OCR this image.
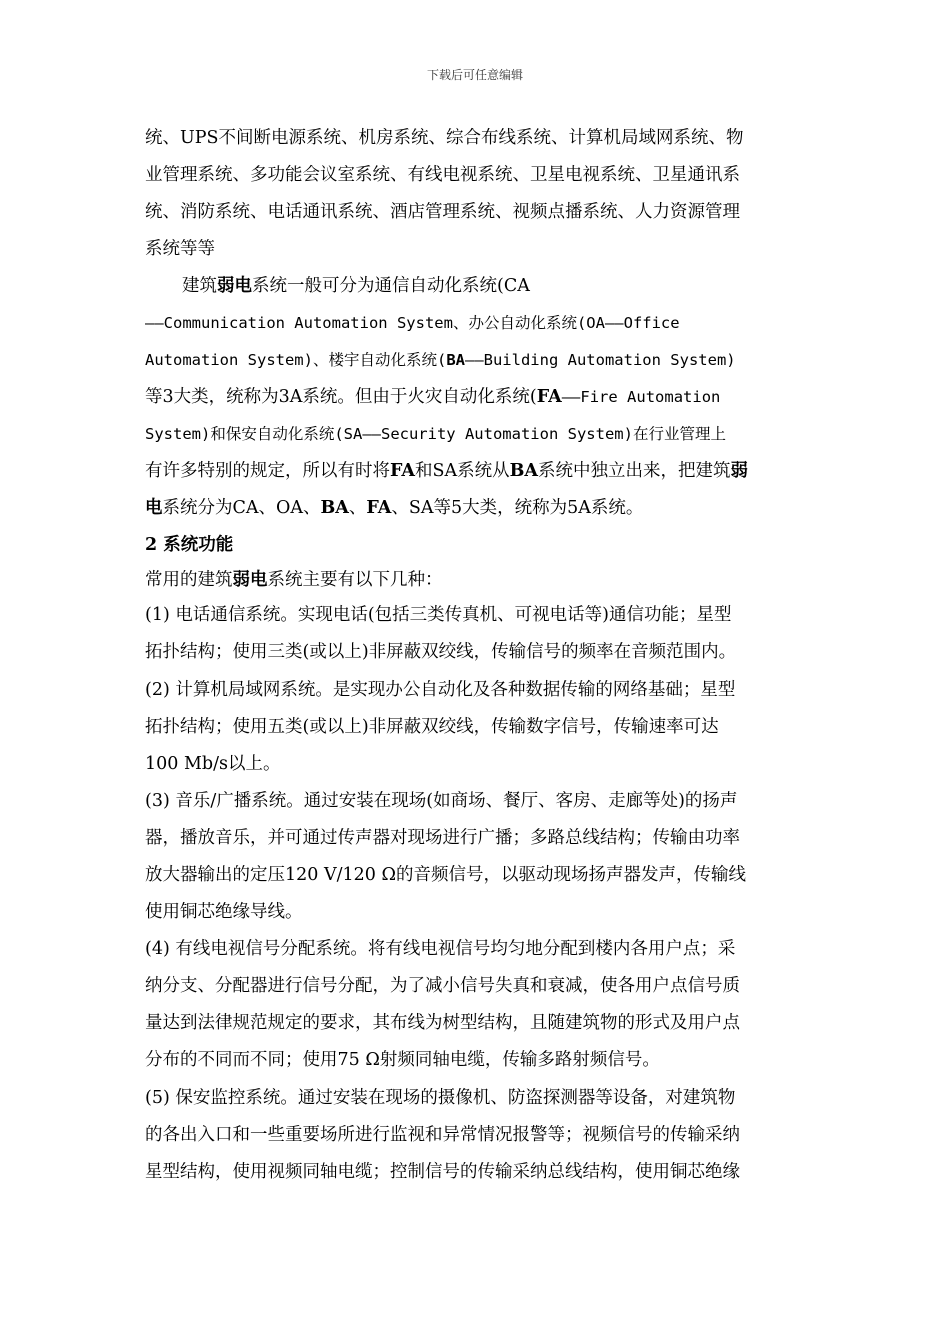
下载后可任意编辑
统、UPS不间断电源系统、机房系统、综合布线系统、计算机局域网系统、物
业管理系统、多功能会议室系统、有线电视系统、卫星电视系统、卫星通讯系
统、消防系统、电话通讯系统、酒店管理系统、视频点播系统、人力资源管理
系统等等
建筑弱电系统一般可分为通信自动化系统(CA
——Communication Automation System、办公自动化系统(OA——Office
Automation System)、楼宇自动化系统(BA——Building Automation System)
等3大类，统称为3A系统。但由于火灾自动化系统(FA——Fire Automation
System)和保安自动化系统(SA——Security Automation System)在行业管理上
有许多特别的规定，所以有时将FA和SA系统从BA系统中独立出来，把建筑弱
电系统分为CA、OA、BA、FA、SA等5大类，统称为5A系统。
2 系统功能
常用的建筑弱电系统主要有以下几种：
(1) 电话通信系统。实现电话(包括三类传真机、可视电话等)通信功能；星型
拓扑结构；使用三类(或以上)非屏蔽双绞线，传输信号的频率在音频范围内。
(2) 计算机局域网系统。是实现办公自动化及各种数据传输的网络基础；星型
拓扑结构；使用五类(或以上)非屏蔽双绞线，传输数字信号，传输速率可达
100 Mb/s以上。
(3) 音乐/广播系统。通过安装在现场(如商场、餐厅、客房、走廊等处)的扬声
器，播放音乐，并可通过传声器对现场进行广播；多路总线结构；传输由功率
放大器输出的定压120 V/120 Ω的音频信号，以驱动现场扬声器发声，传输线
使用铜芯绝缘导线。
(4) 有线电视信号分配系统。将有线电视信号均匀地分配到楼内各用户点；采
纳分支、分配器进行信号分配，为了减小信号失真和衰减，使各用户点信号质
量达到法律规范规定的要求，其布线为树型结构，且随建筑物的形式及用户点
分布的不同而不同；使用75 Ω射频同轴电缆，传输多路射频信号。
(5) 保安监控系统。通过安装在现场的摄像机、防盗探测器等设备，对建筑物
的各出入口和一些重要场所进行监视和异常情况报警等；视频信号的传输采纳
星型结构，使用视频同轴电缆；控制信号的传输采纳总线结构，使用铜芯绝缘
